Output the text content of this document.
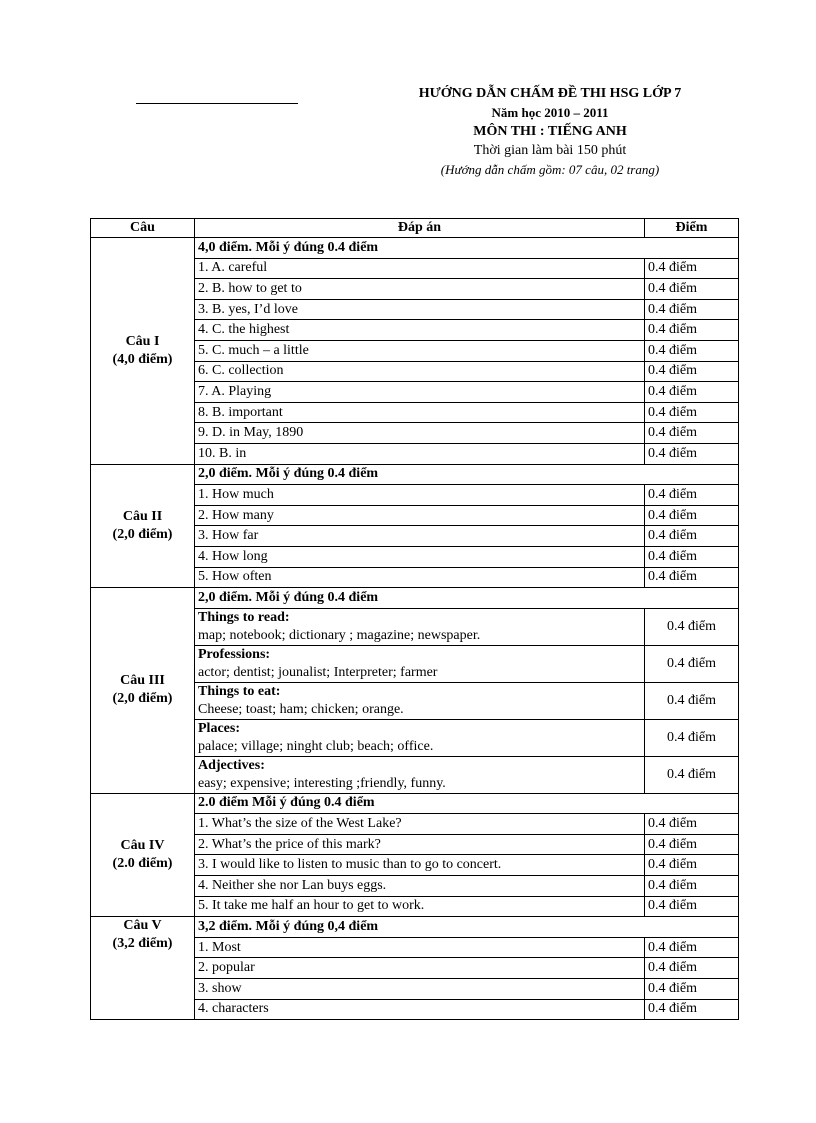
HƯỚNG DẪN CHẤM ĐỀ THI HSG LỚP 7
Năm học 2010 – 2011
MÔN THI : TIẾNG ANH
Thời gian làm bài 150 phút
(Hướng dẫn chấm gồm: 07 câu, 02 trang)
Câu	Đáp án	Điểm
Câu I
(4,0 điểm)	4,0 điểm. Mỗi ý đúng 0.4 điểm	
	1. A. careful	0.4 điểm
	2. B. how to get to	0.4 điểm
	3. B. yes, I’d love	0.4 điểm
	4. C. the highest	0.4 điểm
	5. C. much – a little	0.4 điểm
	6. C. collection	0.4 điểm
	7. A. Playing	0.4 điểm
	8. B. important	0.4 điểm
	9. D. in May, 1890	0.4 điểm
	10. B. in	0.4 điểm
Câu II
(2,0 điểm)	2,0 điểm. Mỗi ý đúng 0.4 điểm	
	1. How much	0.4 điểm
	2. How many	0.4 điểm
	3. How far	0.4 điểm
	4. How long	0.4 điểm
	5. How often	0.4 điểm
Câu III
(2,0 điểm)	2,0 điểm. Mỗi ý đúng 0.4 điểm	

	Things to read:
map; notebook; dictionary ; magazine; newspaper.	0.4 điểm

	Professions:
actor; dentist; jounalist; Interpreter; farmer	0.4 điểm

	Things to eat:
Cheese; toast; ham; chicken; orange.	0.4 điểm

	Places:
palace; village; ninght club; beach; office.	0.4 điểm

	Adjectives:
easy; expensive; interesting ;friendly, funny.	0.4 điểm
Câu IV
(2.0 điểm)	2.0 điểm Mỗi ý đúng 0.4 điểm	
	1. What’s the size of the West Lake?	0.4 điểm
	2. What’s the price of this mark?	0.4 điểm
	3. I would like to listen to music than to go to concert.	0.4 điểm
	4. Neither she nor Lan buys eggs.	0.4 điểm
	5. It take me half an hour to get to work.	0.4 điểm
Câu V
(3,2 điểm)	3,2 điểm. Mỗi ý đúng 0,4 điểm	
	1. Most	0.4 điểm
	2. popular	0.4 điểm
	3. show	0.4 điểm
	4. characters	0.4 điểm
